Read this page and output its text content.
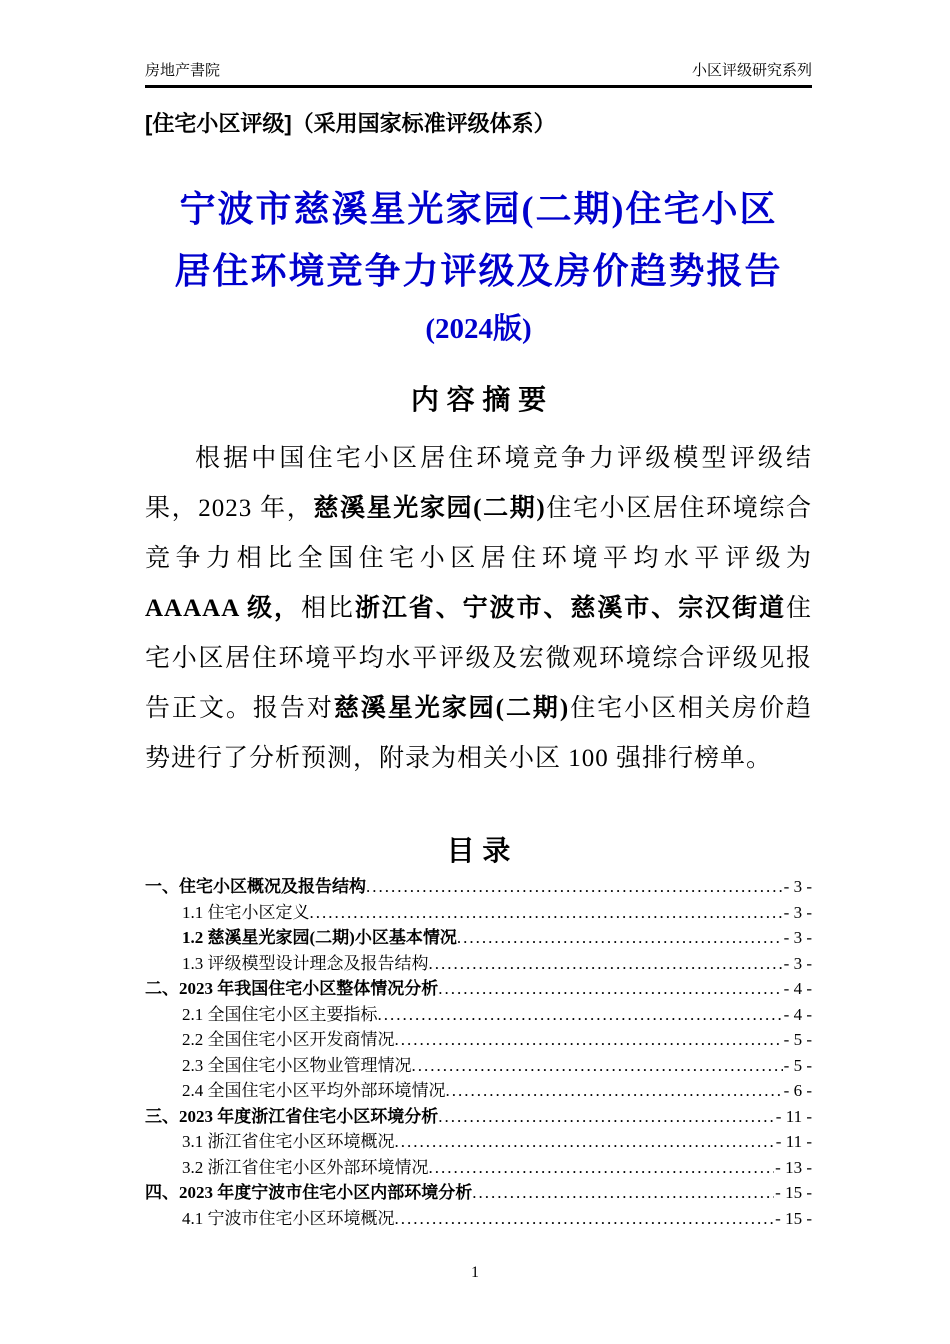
房地产書院	小区评级研究系列
[住宅小区评级]（采用国家标准评级体系）
宁波市慈溪星光家园(二期)住宅小区
居住环境竞争力评级及房价趋势报告
(2024版)
内 容 摘 要
根据中国住宅小区居住环境竞争力评级模型评级结果，2023 年，慈溪星光家园(二期)住宅小区居住环境综合竞争力相比全国住宅小区居住环境平均水平评级为 AAAAA 级，相比浙江省、宁波市、慈溪市、宗汉街道住宅小区居住环境平均水平评级及宏微观环境综合评级见报告正文。报告对慈溪星光家园(二期)住宅小区相关房价趋势进行了分析预测，附录为相关小区 100 强排行榜单。
目 录
一、住宅小区概况及报告结构 .....	- 3 -
1.1 住宅小区定义 .....	- 3 -
1.2 慈溪星光家园(二期)小区基本情况 .....	- 3 -
1.3 评级模型设计理念及报告结构 .....	- 3 -
二、2023 年我国住宅小区整体情况分析 .....	- 4 -
2.1 全国住宅小区主要指标 .....	- 4 -
2.2 全国住宅小区开发商情况 .....	- 5 -
2.3 全国住宅小区物业管理情况 .....	- 5 -
2.4 全国住宅小区平均外部环境情况 .....	- 6 -
三、2023 年度浙江省住宅小区环境分析 .....	- 11 -
3.1 浙江省住宅小区环境概况 .....	- 11 -
3.2 浙江省住宅小区外部环境情况 .....	- 13 -
四、2023 年度宁波市住宅小区内部环境分析 .....	- 15 -
4.1 宁波市住宅小区环境概况 .....	- 15 -
1
